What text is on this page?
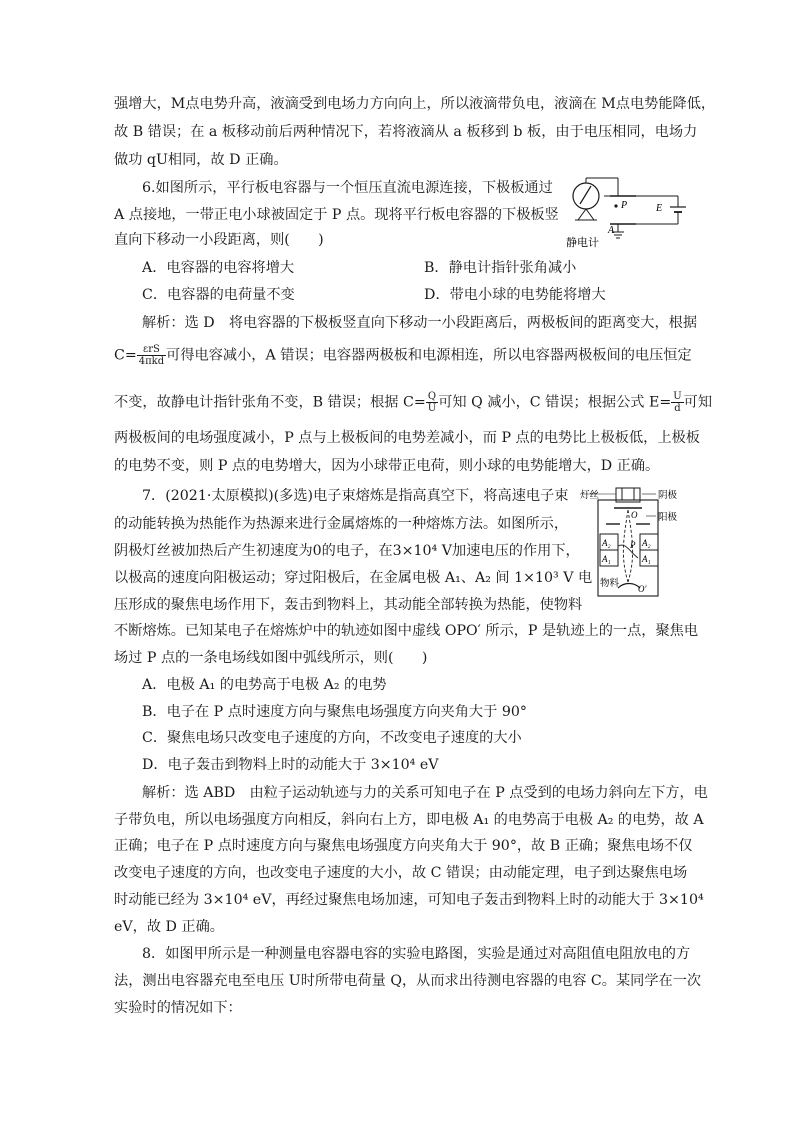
强增大，M点电势升高，液滴受到电场力方向向上，所以液滴带负电，液滴在 M点电势能降低，
故 B 错误；在 a 板移动前后两种情况下，若将液滴从 a 板移到 b 板，由于电压相同，电场力
做功 qU相同，故 D 正确。
6.如图所示，平行板电容器与一个恒压直流电源连接，下极板通过
A 点接地，一带正电小球被固定于 P 点。现将平行板电容器的下极板竖
直向下移动一小段距离，则(　　)
P	E
A
静电计
A．电容器的电容将增大	B．静电计指针张角减小
C．电容器的电荷量不变	D．带电小球的电势能将增大
解析：选 D　将电容器的下极板竖直向下移动一小段距离后，两极板间的距离变大，根据
$C= \frac{\text{εrS}}{\text{4πkd}}$ 可得电容减小，A 错误；电容器两极板和电源相连，所以电容器两极板间的电压恒定
不变，故静电计指针张角不变，B 错误；根据 $C= \frac{Q}{U}$ 可知 Q 减小，C 错误；根据公式 $E= \frac{U}{d}$ 可知
两极板间的电场强度减小，P 点与上极板间的电势差减小，而 P 点的电势比上极板低，上极板
的电势不变，则 P 点的电势增大，因为小球带正电荷，则小球的电势能增大，D 正确。
7．(2021·太原模拟)(多选)电子束熔炼是指高真空下，将高速电子束
的动能转换为热能作为热源来进行金属熔炼的一种熔炼方法。如图所示，
阴极灯丝被加热后产生初速度为0的电子，在3×10⁴ V加速电压的作用下，
以极高的速度向阳极运动；穿过阳极后，在金属电极 A₁、A₂ 间 1×10³ V 电
压形成的聚焦电场作用下，轰击到物料上，其动能全部转换为热能，使物料
不断熔炼。已知某电子在熔炼炉中的轨迹如图中虚线 OPO′ 所示，P 是轨迹上的一点，聚焦电
场过 P 点的一条电场线如图中弧线所示，则(　　)
灯丝	阴极
阳极
物料
O
O′
P
A₂
A₁
A₂
A₁
A．电极 A₁ 的电势高于电极 A₂ 的电势
B．电子在 P 点时速度方向与聚焦电场强度方向夹角大于 90°
C．聚焦电场只改变电子速度的方向，不改变电子速度的大小
D．电子轰击到物料上时的动能大于 3×10⁴ eV
解析：选 ABD　由粒子运动轨迹与力的关系可知电子在 P 点受到的电场力斜向左下方，电
子带负电，所以电场强度方向相反，斜向右上方，即电极 A₁ 的电势高于电极 A₂ 的电势，故 A
正确；电子在 P 点时速度方向与聚焦电场强度方向夹角大于 90°，故 B 正确；聚焦电场不仅
改变电子速度的方向，也改变电子速度的大小，故 C 错误；由动能定理，电子到达聚焦电场
时动能已经为 3×10⁴ eV，再经过聚焦电场加速，可知电子轰击到物料上时的动能大于 3×10⁴
eV，故 D 正确。
8．如图甲所示是一种测量电容器电容的实验电路图，实验是通过对高阻值电阻放电的方
法，测出电容器充电至电压 U时所带电荷量 Q，从而求出待测电容器的电容 C。某同学在一次
实验时的情况如下：
